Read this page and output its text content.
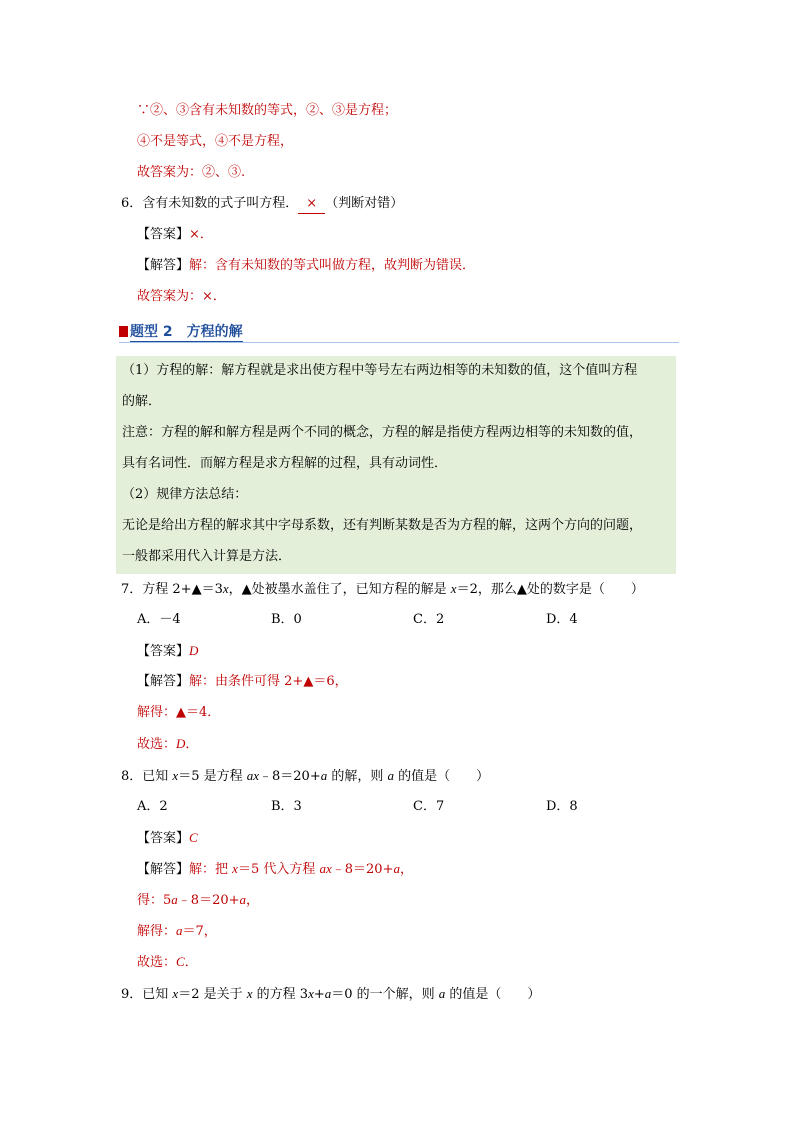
∵②、③含有未知数的等式，②、③是方程；
④不是等式，④不是方程，
故答案为：②、③.
6．含有未知数的式子叫方程． × （判断对错）
【答案】×．
【解答】解：含有未知数的等式叫做方程，故判断为错误．
故答案为：×．
题型 2　方程的解
（1）方程的解：解方程就是求出使方程中等号左右两边相等的未知数的值，这个值叫方程
的解．
注意：方程的解和解方程是两个不同的概念，方程的解是指使方程两边相等的未知数的值，
具有名词性．而解方程是求方程解的过程，具有动词性．
（2）规律方法总结：
无论是给出方程的解求其中字母系数，还有判断某数是否为方程的解，这两个方向的问题，
一般都采用代入计算是方法．
7．方程 2+▲＝3x，▲处被墨水盖住了，已知方程的解是 x＝2，那么▲处的数字是（　　）
A．－4	B．0	C．2	D．4
【答案】D
【解答】解：由条件可得 2+▲＝6，
解得：▲＝4．
故选：D．
8．已知 x＝5 是方程 ax﹣8＝20+a 的解，则 a 的值是（　　）
A．2	B．3	C．7	D．8
【答案】C
【解答】解：把 x＝5 代入方程 ax﹣8＝20+a，
得：5a﹣8＝20+a，
解得：a＝7，
故选：C．
9．已知 x＝2 是关于 x 的方程 3x+a＝0 的一个解，则 a 的值是（　　）
